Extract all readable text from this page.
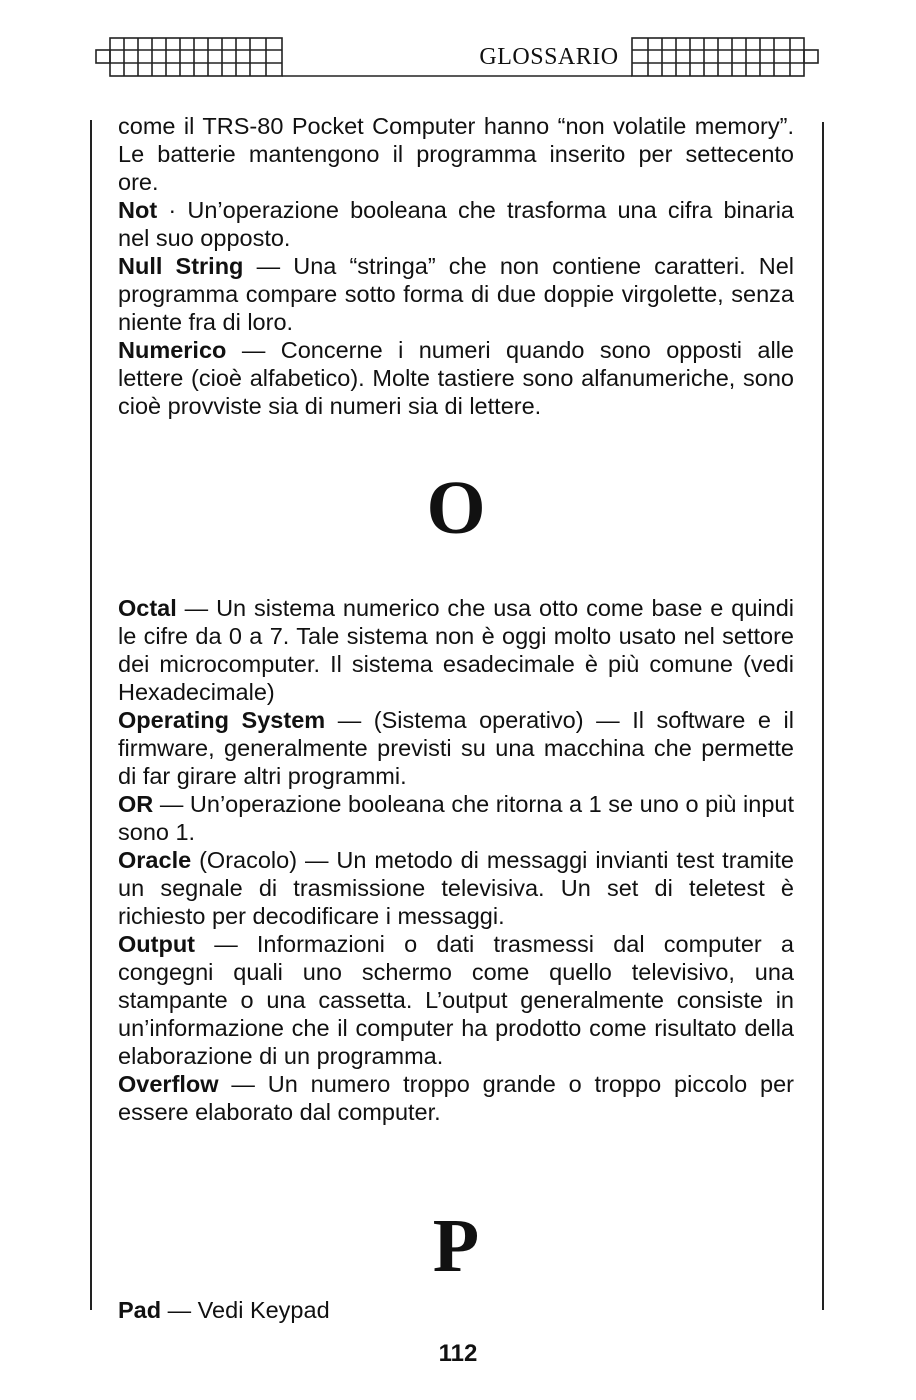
GLOSSARIO

come il TRS-80 Pocket Computer hanno “non volatile memory”. Le batterie mantengono il programma inserito per settecento ore.

Not · Un’operazione booleana che trasforma una cifra binaria nel suo opposto.

Null String — Una “stringa” che non contiene caratteri. Nel programma compare sotto forma di due doppie virgolette, senza niente fra di loro.

Numerico — Concerne i numeri quando sono opposti alle lettere (cioè alfabetico). Molte tastiere sono alfanumeriche, sono cioè provviste sia di numeri sia di lettere.

O

Octal — Un sistema numerico che usa otto come base e quindi le cifre da 0 a 7. Tale sistema non è oggi molto usato nel settore dei microcomputer. Il sistema esadecimale è più comune (vedi Hexadecimale)

Operating System — (Sistema operativo) — Il software e il firmware, generalmente previsti su una macchina che permette di far girare altri programmi.

OR — Un’operazione booleana che ritorna a 1 se uno o più input sono 1.

Oracle (Oracolo) — Un metodo di messaggi invianti test tramite un segnale di trasmissione televisiva. Un set di teletest è richiesto per decodificare i messaggi.

Output — Informazioni o dati trasmessi dal computer a congegni quali uno schermo come quello televisivo, una stampante o una cassetta. L’output generalmente consiste in un’informazione che il computer ha prodotto come risultato della elaborazione di un programma.

Overflow — Un numero troppo grande o troppo piccolo per essere elaborato dal computer.

P

Pad — Vedi Keypad

112
